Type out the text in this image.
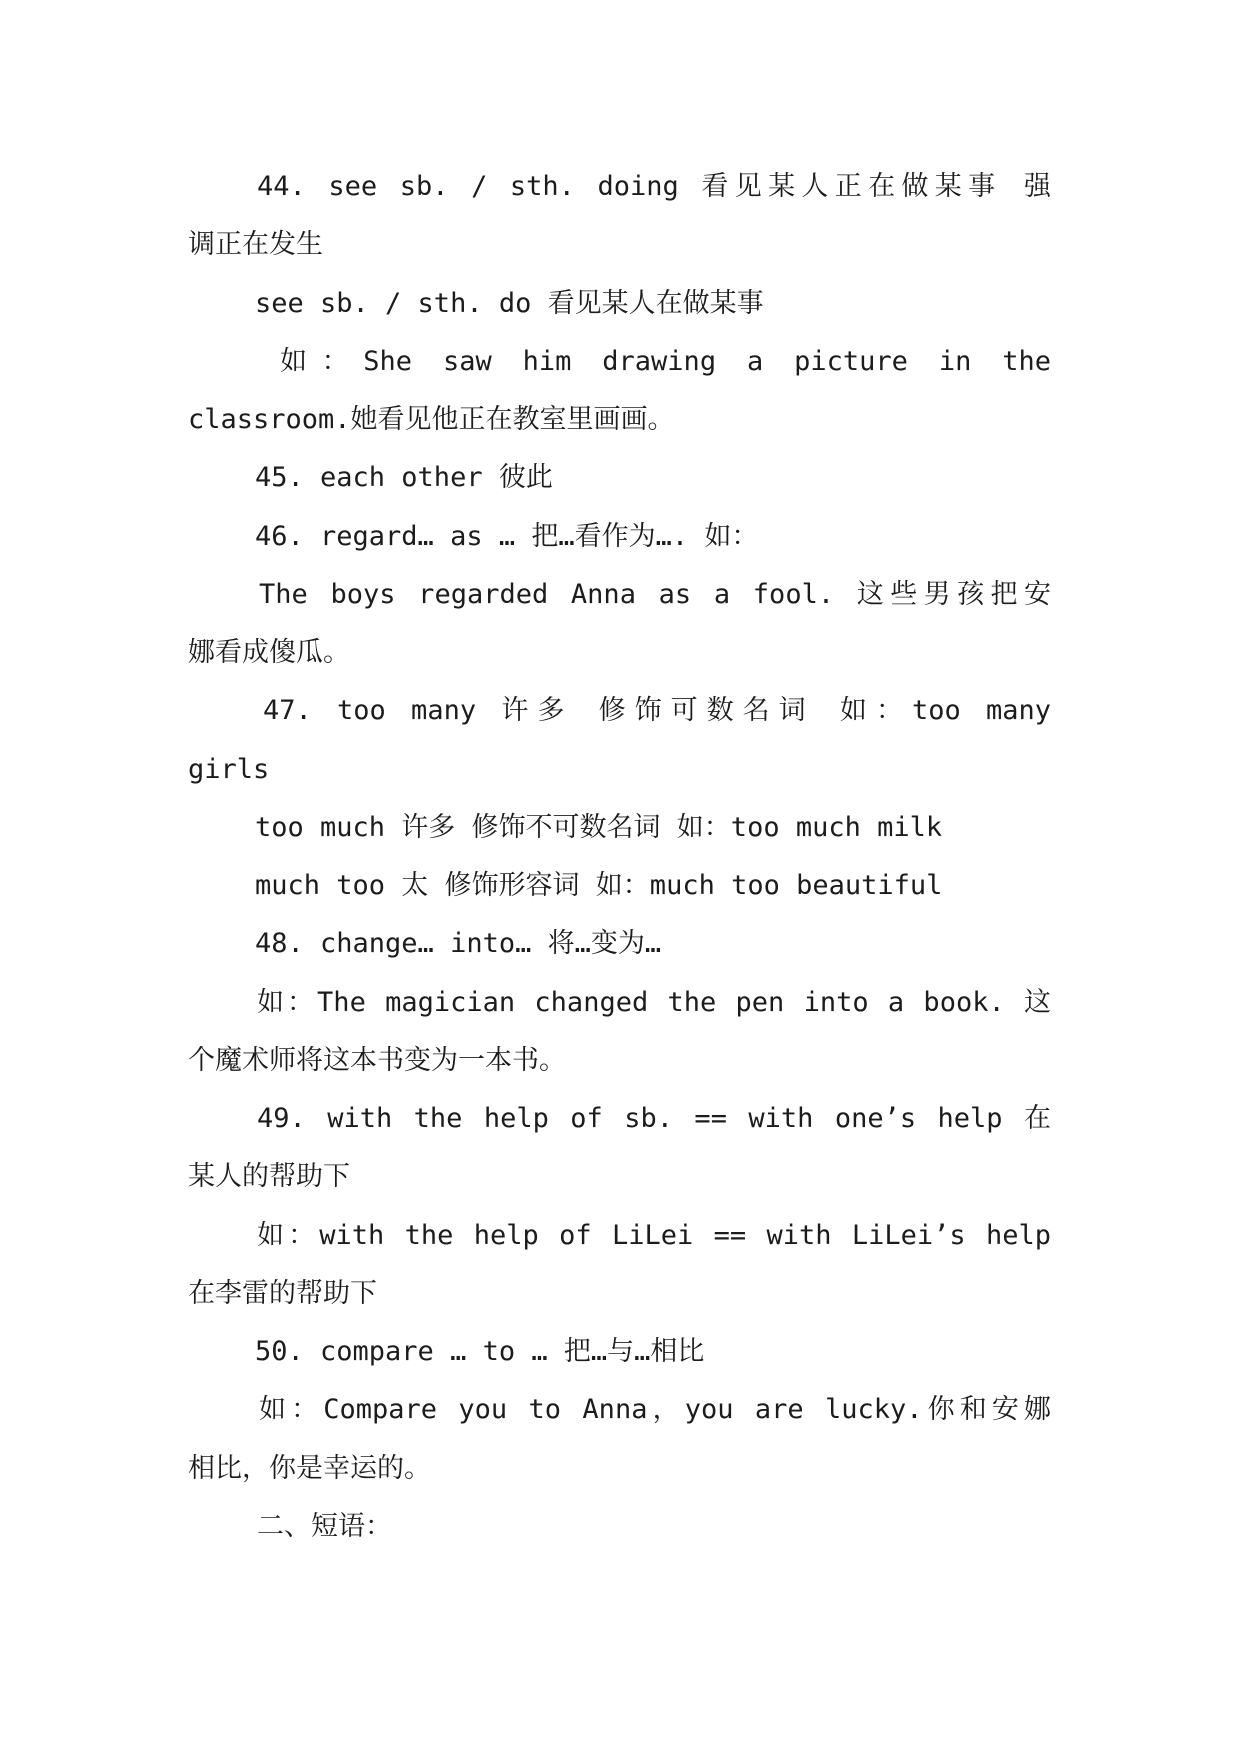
44. see sb. / sth. doing 看见某人正在做某事 强
调正在发生
see sb. / sth. do 看见某人在做某事
如：She saw him drawing a picture in the
classroom.她看见他正在教室里画画。
45. each other 彼此
46. regard… as … 把…看作为…. 如：
The boys regarded Anna as a fool. 这些男孩把安
娜看成傻瓜。
47. too many 许多 修饰可数名词 如：too many
girls
too much 许多 修饰不可数名词 如：too much milk
much too 太 修饰形容词 如：much too beautiful
48. change… into… 将…变为…
如：The magician changed the pen into a book. 这
个魔术师将这本书变为一本书。
49. with the help of sb. == with one’s help 在
某人的帮助下
如：with the help of LiLei == with LiLei’s help
在李雷的帮助下
50. compare … to … 把…与…相比
如：Compare you to Anna，you are lucky.你和安娜
相比，你是幸运的。
二、短语：
